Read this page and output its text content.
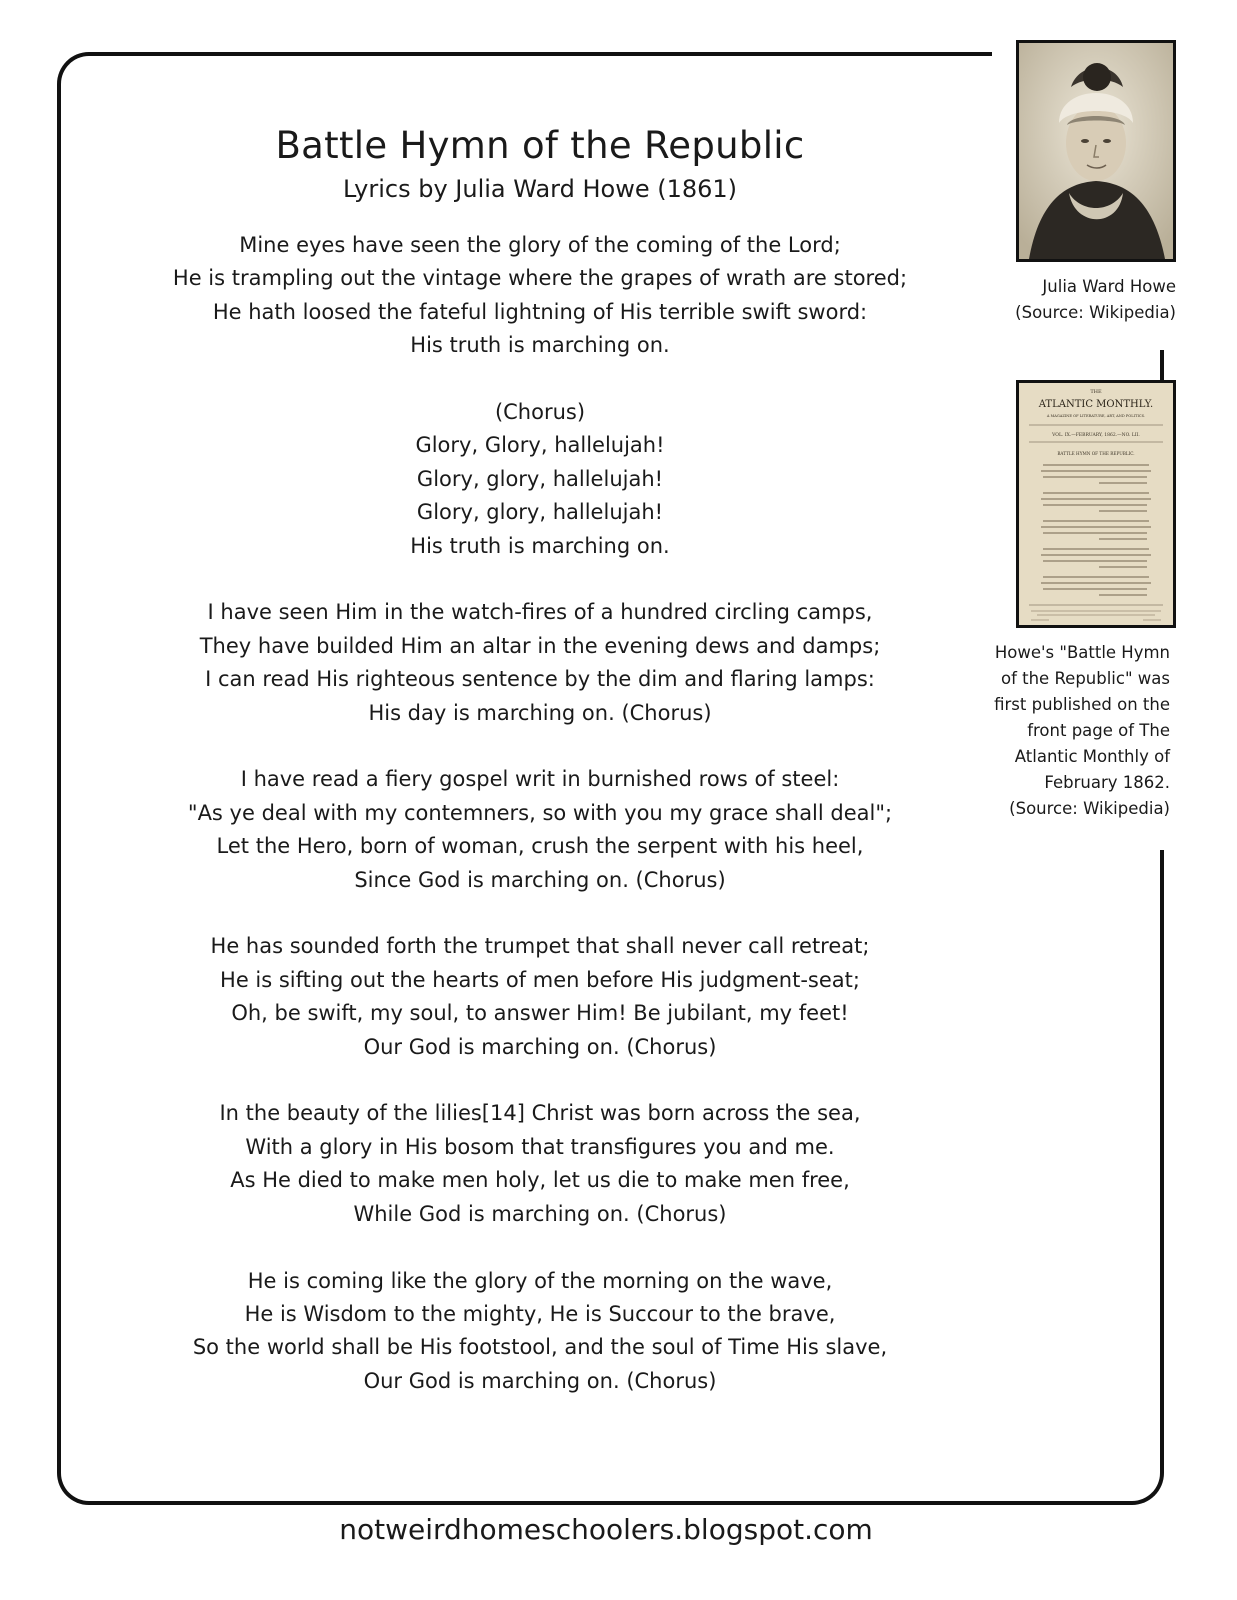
Battle Hymn of the Republic
Lyrics by Julia Ward Howe (1861)
Mine eyes have seen the glory of the coming of the Lord;
He is trampling out the vintage where the grapes of wrath are stored;
He hath loosed the fateful lightning of His terrible swift sword:
His truth is marching on.
(Chorus)
Glory, Glory, hallelujah!
Glory, glory, hallelujah!
Glory, glory, hallelujah!
His truth is marching on.
I have seen Him in the watch-fires of a hundred circling camps,
They have builded Him an altar in the evening dews and damps;
I can read His righteous sentence by the dim and flaring lamps:
His day is marching on. (Chorus)
I have read a fiery gospel writ in burnished rows of steel:
"As ye deal with my contemners, so with you my grace shall deal";
Let the Hero, born of woman, crush the serpent with his heel,
Since God is marching on. (Chorus)
He has sounded forth the trumpet that shall never call retreat;
He is sifting out the hearts of men before His judgment-seat;
Oh, be swift, my soul, to answer Him! Be jubilant, my feet!
Our God is marching on. (Chorus)
In the beauty of the lilies[14] Christ was born across the sea,
With a glory in His bosom that transfigures you and me.
As He died to make men holy, let us die to make men free,
While God is marching on. (Chorus)
He is coming like the glory of the morning on the wave,
He is Wisdom to the mighty, He is Succour to the brave,
So the world shall be His footstool, and the soul of Time His slave,
Our God is marching on. (Chorus)
Julia Ward Howe
(Source: Wikipedia)
THE
ATLANTIC MONTHLY.
A MAGAZINE OF LITERATURE, ART, AND POLITICS.
VOL. IX.—FEBRUARY, 1862.—NO. LII.
BATTLE HYMN OF THE REPUBLIC.
Howe's "Battle Hymn
of the Republic" was
first published on the
front page of The
Atlantic Monthly of
February 1862.
(Source: Wikipedia)
notweirdhomeschoolers.blogspot.com
